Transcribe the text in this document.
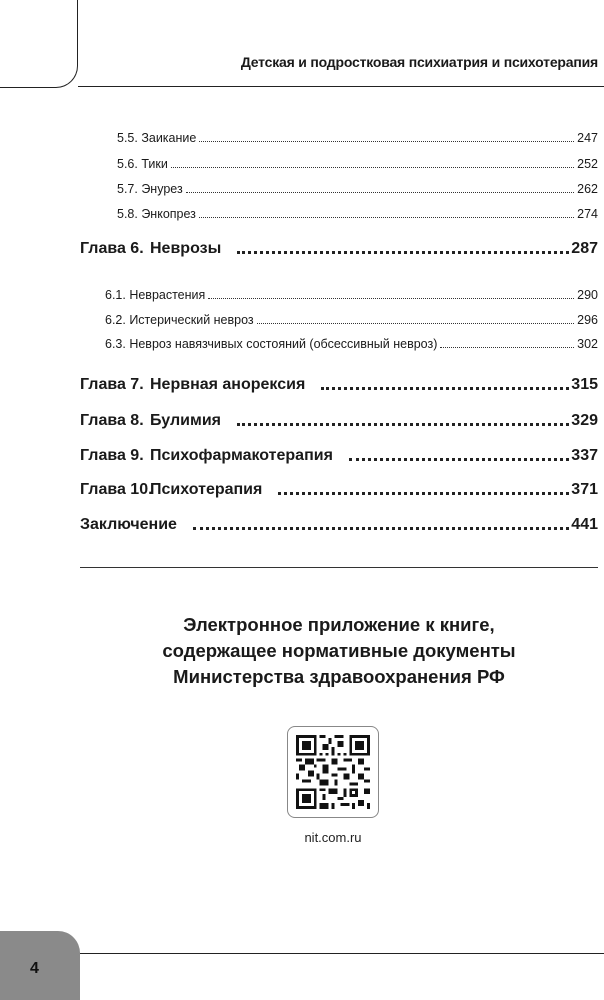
Детская и подростковая психиатрия и психотерапия
5.5. Заикание	247
5.6. Тики	252
5.7. Энурез	262
5.8. Энкопрез	274
Глава 6. Неврозы	287
6.1. Неврастения	290
6.2. Истерический невроз	296
6.3. Невроз навязчивых состояний (обсессивный невроз)	302
Глава 7. Нервная анорексия	315
Глава 8. Булимия	329
Глава 9. Психофармакотерапия	337
Глава 10.Психотерапия	371
Заключение	441
Электронное приложение к книге,
содержащее нормативные документы
Министерства здравоохранения РФ
nit.com.ru
4
